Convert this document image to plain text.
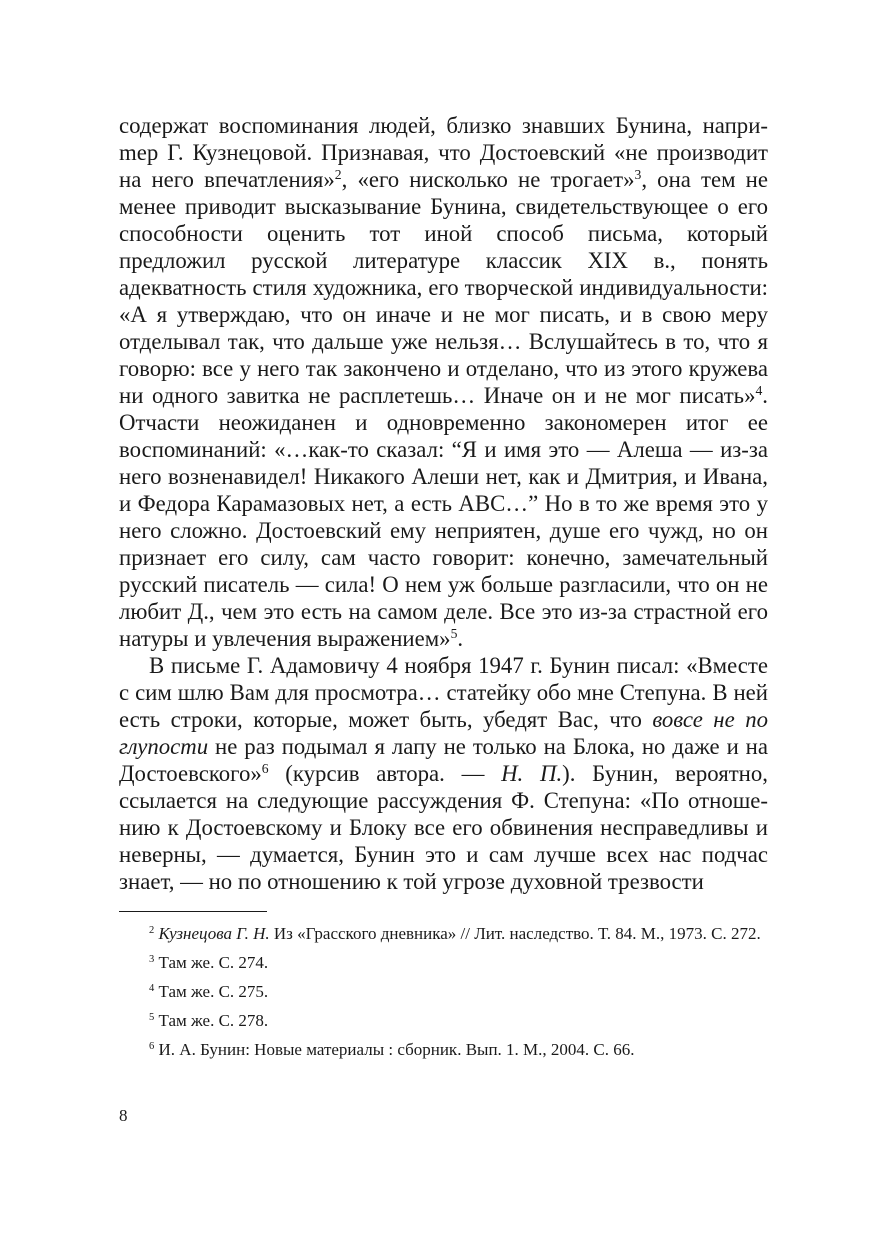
содержат воспоминания людей, близко знавших Бунина, наприmер Г. Кузнецовой. Признавая, что Достоевский «не производит на него впечатления»$^2$, «его нисколько не трогает»$^3$, она тем не менее приводит высказывание Бунина, свидетельствующее о его способности оценить тот иной способ письма, который предложил русской литературе классик XIX в., понять адекватность стиля художника, его творческой индивидуальности: «А я утверждаю, что он иначе и не мог писать, и в свою меру отделывал так, что дальше уже нельзя… Вслушайтесь в то, что я говорю: все у него так закончено и отделано, что из этого кружева ни одного завитка не расплетешь… Иначе он и не мог писать»$^4$. Отчасти неожиданен и одновременно закономерен итог ее воспоминаний: «…как-то сказал: “Я и имя это — Алеша — из-за него возненавидел! Никакого Алеши нет, как и Дмитрия, и Ивана, и Федора Карамазовых нет, а есть АВС…” Но в то же время это у него сложно. Достоевский ему неприятен, душе его чужд, но он признает его силу, сам часто говорит: конечно, замечательный русский писатель — сила! О нем уж больше разгласили, что он не любит Д., чем это есть на самом деле. Все это из-за страстной его натуры и увлечения выражением»$^5$.

В письме Г. Адамовичу 4 ноября 1947 г. Бунин писал: «Вместе с сим шлю Вам для просмотра… статейку обо мне Степуна. В ней есть строки, которые, может быть, убедят Вас, что вовсе не по глупости не раз подымал я лапу не только на Блока, но даже и на Достоевского»$^6$ (курсив автора. — Н. П.). Бунин, вероятно, ссылается на следующие рассуждения Ф. Степуна: «По отношению к Достоевскому и Блоку все его обвинения несправедливы и неверны, — думается, Бунин это и сам лучше всех нас подчас знает, — но по отношению к той угрозе духовной трезвости

$^2$ Кузнецова Г. Н. Из «Грасского дневника» // Лит. наследство. Т. 84. М., 1973. С. 272.
$^3$ Там же. С. 274.
$^4$ Там же. С. 275.
$^5$ Там же. С. 278.
$^6$ И. А. Бунин: Новые материалы : сборник. Вып. 1. М., 2004. С. 66.
8
